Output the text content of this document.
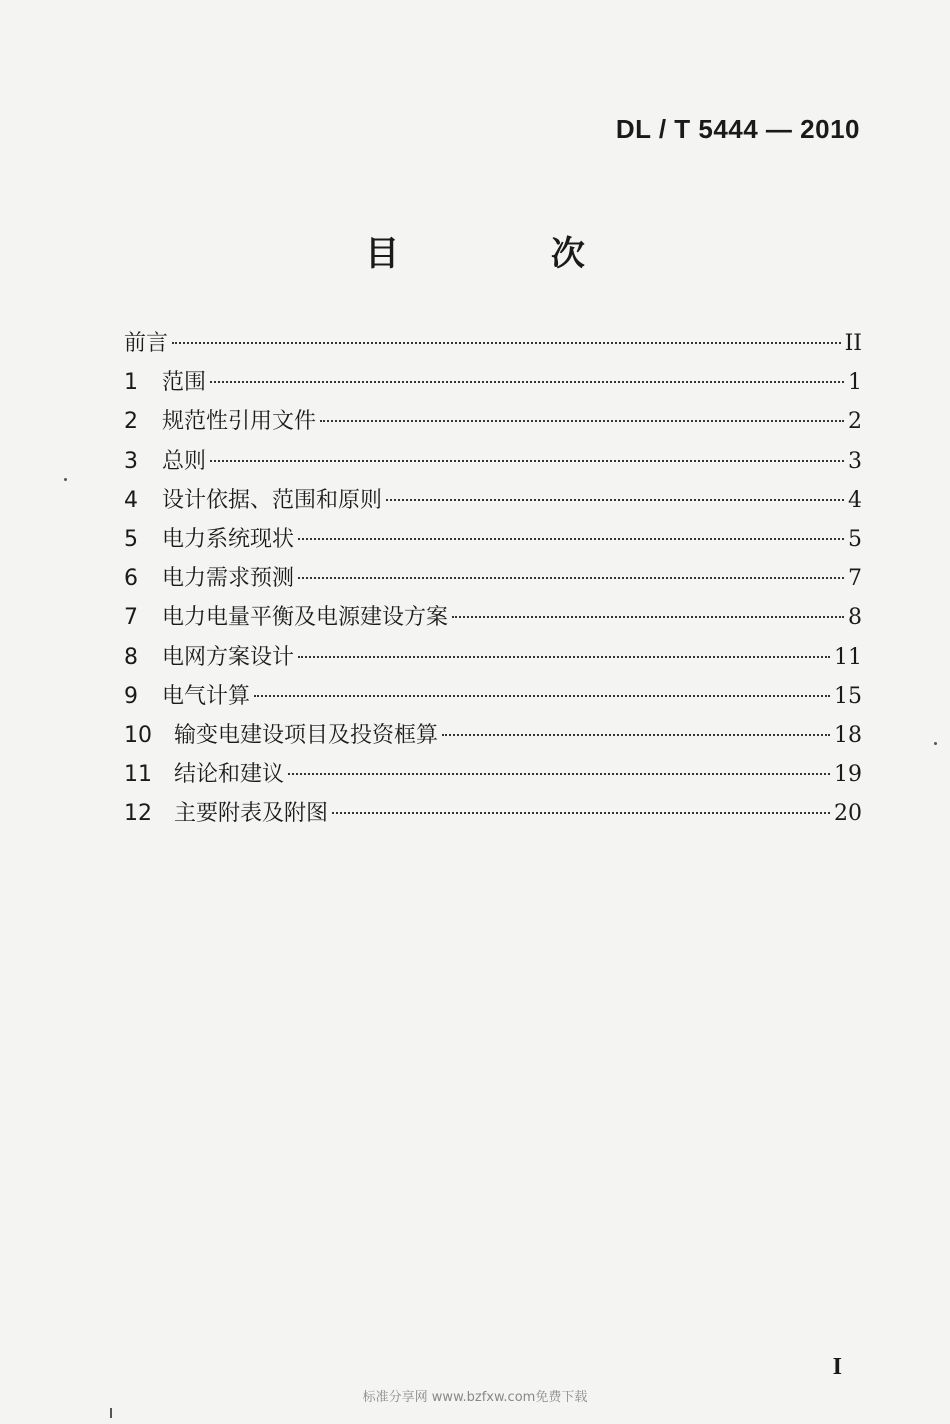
DL / T 5444 — 2010
目 次
前言	II
1	范围	1
2	规范性引用文件	2
3	总则	3
4	设计依据、范围和原则	4
5	电力系统现状	5
6	电力需求预测	7
7	电力电量平衡及电源建设方案	8
8	电网方案设计	11
9	电气计算	15
10	输变电建设项目及投资框算	18
11	结论和建议	19
12	主要附表及附图	20
I
标准分享网 www.bzfxw.com免费下载
